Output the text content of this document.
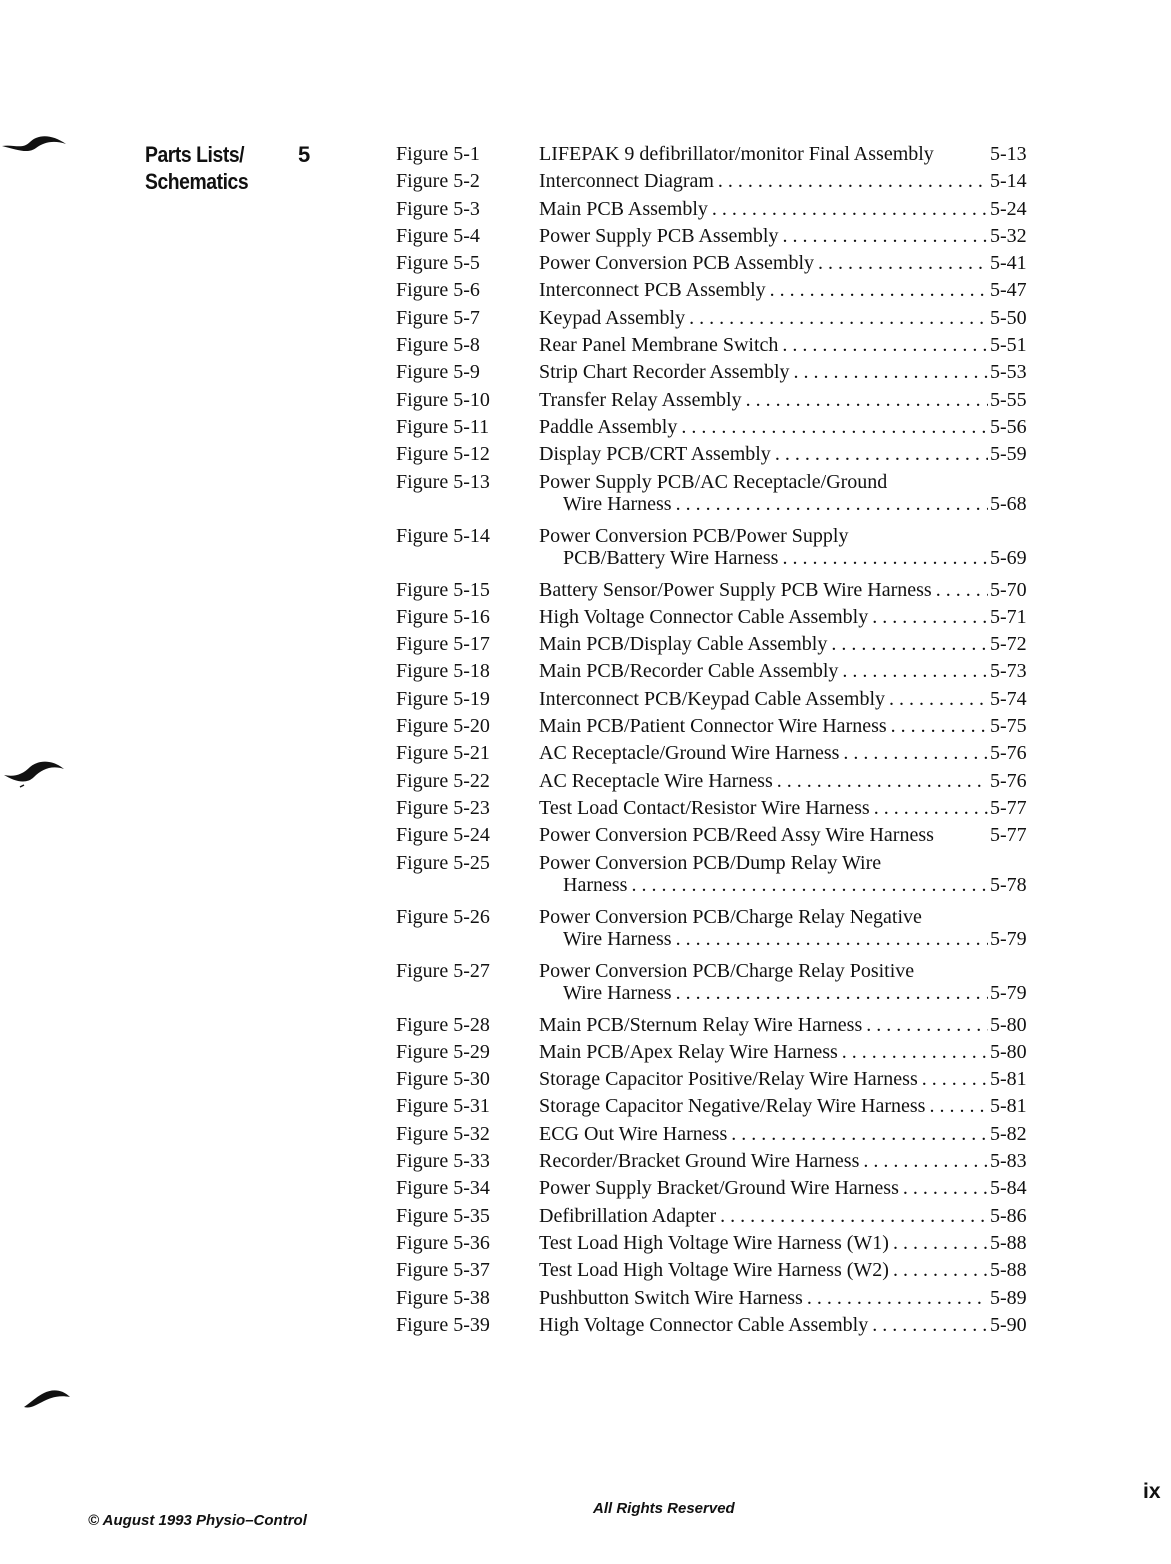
Parts Lists/
Schematics
5	Figure 5-1	LIFEPAK 9 defibrillator/monitor Final Assembly	5-13
Figure 5-2	Interconnect Diagram . . .	5-14
Figure 5-3	Main PCB Assembly . . .	5-24
Figure 5-4	Power Supply PCB Assembly . . .	5-32
Figure 5-5	Power Conversion PCB Assembly . . .	5-41
Figure 5-6	Interconnect PCB Assembly . . .	5-47
Figure 5-7	Keypad Assembly . . .	5-50
Figure 5-8	Rear Panel Membrane Switch . . .	5-51
Figure 5-9	Strip Chart Recorder Assembly . . .	5-53
Figure 5-10	Transfer Relay Assembly . . .	5-55
Figure 5-11	Paddle Assembly . . .	5-56
Figure 5-12	Display PCB/CRT Assembly . . .	5-59
Figure 5-13	Power Supply PCB/AC Receptacle/Ground
Wire Harness . . .	5-68
Figure 5-14	Power Conversion PCB/Power Supply
PCB/Battery Wire Harness . . .	5-69
Figure 5-15	Battery Sensor/Power Supply PCB Wire Harness . . .	5-70
Figure 5-16	High Voltage Connector Cable Assembly . . .	5-71
Figure 5-17	Main PCB/Display Cable Assembly . . .	5-72
Figure 5-18	Main PCB/Recorder Cable Assembly . . .	5-73
Figure 5-19	Interconnect PCB/Keypad Cable Assembly . . .	5-74
Figure 5-20	Main PCB/Patient Connector Wire Harness . . .	5-75
Figure 5-21	AC Receptacle/Ground Wire Harness . . .	5-76
Figure 5-22	AC Receptacle Wire Harness . . .	5-76
Figure 5-23	Test Load Contact/Resistor Wire Harness . . .	5-77
Figure 5-24	Power Conversion PCB/Reed Assy Wire Harness	5-77
Figure 5-25	Power Conversion PCB/Dump Relay Wire
Harness . . .	5-78
Figure 5-26	Power Conversion PCB/Charge Relay Negative
Wire Harness . . .	5-79
Figure 5-27	Power Conversion PCB/Charge Relay Positive
Wire Harness . . .	5-79
Figure 5-28	Main PCB/Sternum Relay Wire Harness . . .	5-80
Figure 5-29	Main PCB/Apex Relay Wire Harness . . .	5-80
Figure 5-30	Storage Capacitor Positive/Relay Wire Harness . . .	5-81
Figure 5-31	Storage Capacitor Negative/Relay Wire Harness . . .	5-81
Figure 5-32	ECG Out Wire Harness . . .	5-82
Figure 5-33	Recorder/Bracket Ground Wire Harness . . .	5-83
Figure 5-34	Power Supply Bracket/Ground Wire Harness . . .	5-84
Figure 5-35	Defibrillation Adapter . . .	5-86
Figure 5-36	Test Load High Voltage Wire Harness (W1) . . .	5-88
Figure 5-37	Test Load High Voltage Wire Harness (W2) . . .	5-88
Figure 5-38	Pushbutton Switch Wire Harness . . .	5-89
Figure 5-39	High Voltage Connector Cable Assembly . . .	5-90
© August 1993 Physio–Control
All Rights Reserved
ix
